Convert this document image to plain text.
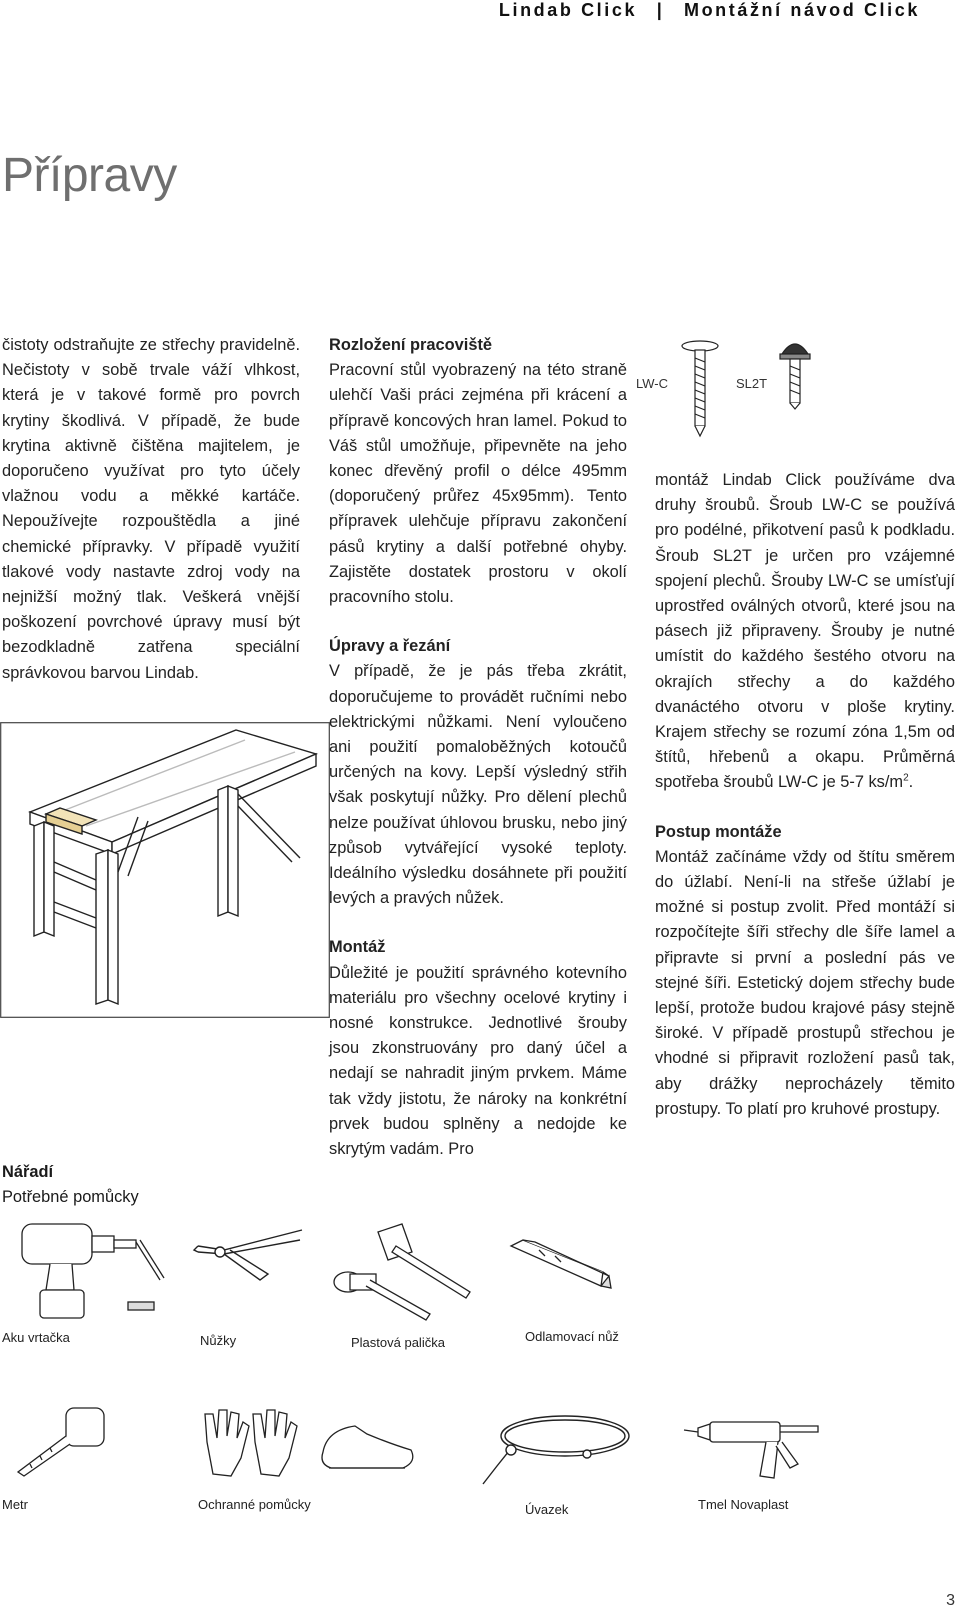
Lindab Click | Montážní návod Click
Přípravy

čistoty odstraňujte ze střechy pravidelně. Nečistoty v sobě trvale váží vlhkost, která je v takové formě pro povrch krytiny škodlivá. V případě, že bude krytina aktivně čištěna majitelem, je doporučeno využívat pro tyto účely vlažnou vodu a měkké kartáče. Nepoužívejte rozpouštědla a jiné chemické přípravky. V případě využití tlakové vody nastavte zdroj vody na nejnižší možný tlak. Veškerá vnější poškození povrchové úpravy musí být bezodkladně zatřena speciální správkovou barvou Lindab.

Rozložení pracoviště

Pracovní stůl vyobrazený na této straně ulehčí Vaši práci zejména při krácení a přípravě koncových hran lamel. Pokud to Váš stůl umožňuje, připevněte na jeho konec dřevěný profil o délce 495mm (doporučený průřez 45x95mm). Tento přípravek ulehčuje přípravu zakončení pásů krytiny a další potřebné ohyby. Zajistěte dostatek prostoru v okolí pracovního stolu.

Úpravy a řezání

V případě, že je pás třeba zkrátit, doporučujeme to provádět ručními nebo elektrickými nůžkami. Není vyloučeno ani použití pomaloběžných kotoučů určených na kovy. Lepší výsledný střih však poskytují nůžky. Pro dělení plechů nelze používat úhlovou brusku, nebo jiný způsob vytvářející vysoké teploty. Ideálního výsledku dosáhnete při použití levých a pravých nůžek.

Montáž

Důležité je použití správného kotevního materiálu pro všechny ocelové krytiny i nosné konstrukce. Jednotlivé šrouby jsou zkonstruovány pro daný účel a nedají se nahradit jiným prvkem. Máme tak vždy jistotu, že nároky na konkrétní prvek budou splněny a nedojde ke skrytým vadám. Pro

LW-C	SL2T

montáž Lindab Click používáme dva druhy šroubů. Šroub LW-C se používá pro podélné, přikotvení pasů k podkladu. Šroub SL2T je určen pro vzájemné spojení plechů. Šrouby LW-C se umísťují uprostřed oválných otvorů, které jsou na pásech již připraveny. Šrouby je nutné umístit do každého šestého otvoru na okrajích střechy a do každého dvanáctého otvoru v ploše krytiny. Krajem střechy se rozumí zóna 1,5m od štítů, hřebenů a okapu. Průměrná spotřeba šroubů LW-C je 5-7 $ks/m^2$.

Postup montáže

Montáž začínáme vždy od štítu směrem do úžlabí. Není-li na střeše úžlabí je možné si postup zvolit. Před montáží si rozpočítejte šíři střechy dle šíře lamel a připravte si první a poslední pás ve stejné šíři. Estetický dojem střechy bude lepší, protože budou krajové pásy stejně široké. V případě prostupů střechou je vhodné si připravit rozložení pasů tak, aby drážky neprocházely těmito prostupy. To platí pro kruhové prostupy.

Nářadí
Potřebné pomůcky
Aku vrtačka	Nůžky	Plastová palička	Odlamovací nůž
Metr	Ochranné pomůcky	Úvazek	Tmel Novaplast
3
